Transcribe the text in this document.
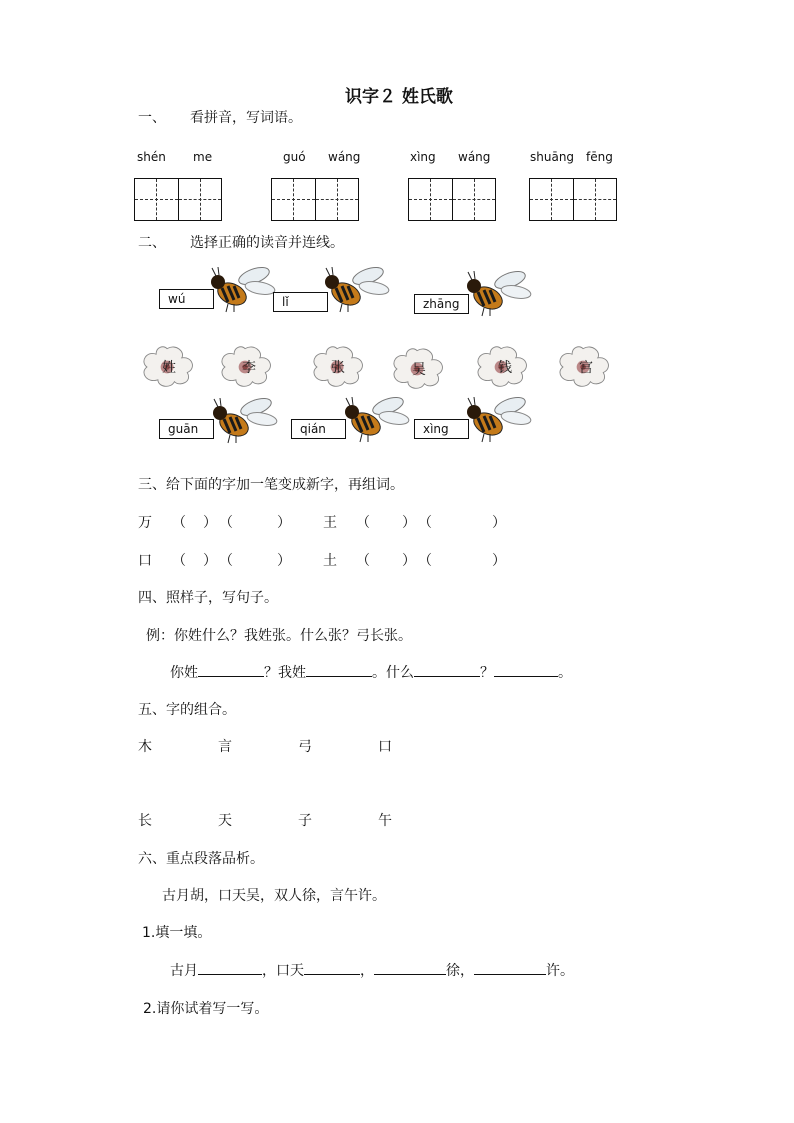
识字２ 姓氏歌
一、 看拼音，写词语。
shén me	guó wáng	xìng wáng	shuāng fēng
二、 选择正确的读音并连线。
wú	lǐ	zhāng
姓	李	张	吴	钱	宫
guān	qián	xìng
三、给下面的字加一笔变成新字，再组词。
万 （ ） （	） 王 （ ） （	）
口 （ ） （	） 土 （ ） （	）
四、照样子，写句子。
例：你姓什么？我姓张。什么张？弓长张。
你姓	？我姓	。什么	？	。
五、字的组合。
木	言	弓	口
长	天	子	午
六、重点段落品析。
古月胡，口天吴，双人徐，言午许。
1.填一填。
古月	，口天	，	徐，	许。
2.请你试着写一写。
